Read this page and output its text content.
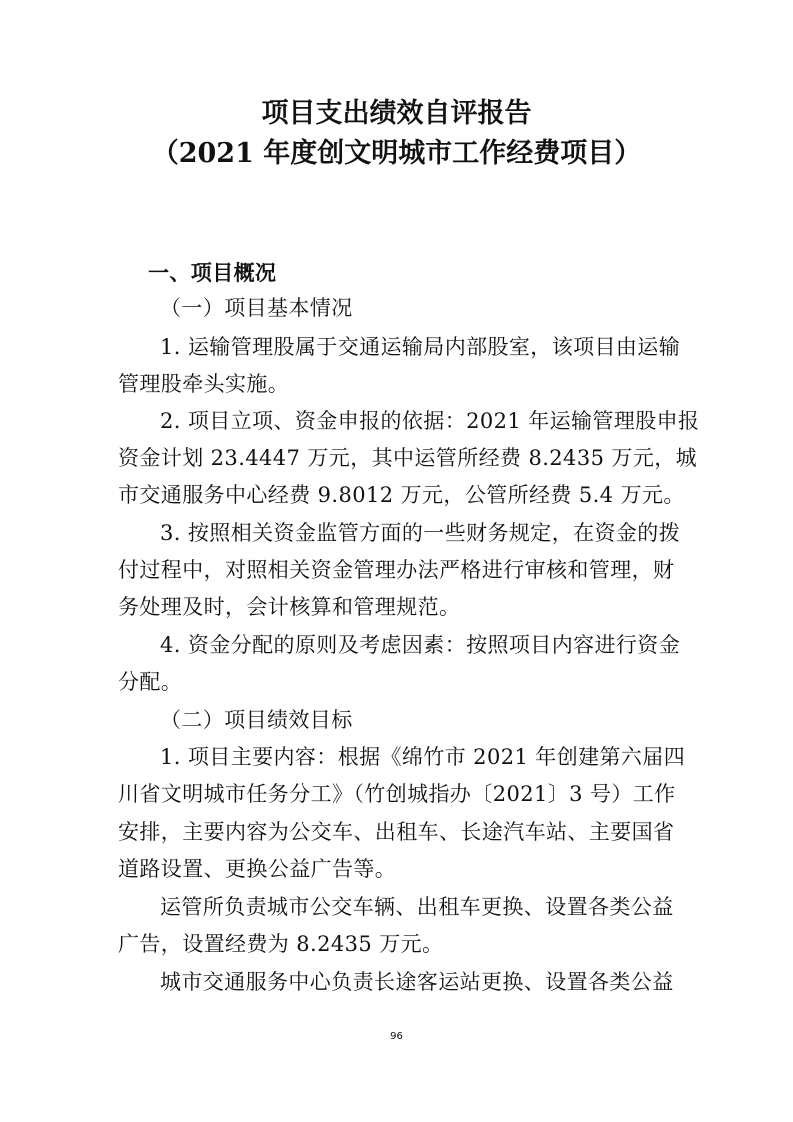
项目支出绩效自评报告
（2021 年度创文明城市工作经费项目）
一、项目概况
（一）项目基本情况
1. 运输管理股属于交通运输局内部股室，该项目由运输
管理股牵头实施。
2. 项目立项、资金申报的依据：2021 年运输管理股申报
资金计划 23.4447 万元，其中运管所经费 8.2435 万元，城
市交通服务中心经费 9.8012 万元，公管所经费 5.4 万元。
3. 按照相关资金监管方面的一些财务规定，在资金的拨
付过程中，对照相关资金管理办法严格进行审核和管理，财
务处理及时，会计核算和管理规范。
4. 资金分配的原则及考虑因素：按照项目内容进行资金
分配。
（二）项目绩效目标
1. 项目主要内容：根据《绵竹市 2021 年创建第六届四
川省文明城市任务分工》（竹创城指办〔2021〕3 号）工作
安排，主要内容为公交车、出租车、长途汽车站、主要国省
道路设置、更换公益广告等。
运管所负责城市公交车辆、出租车更换、设置各类公益
广告，设置经费为 8.2435 万元。
城市交通服务中心负责长途客运站更换、设置各类公益
96
